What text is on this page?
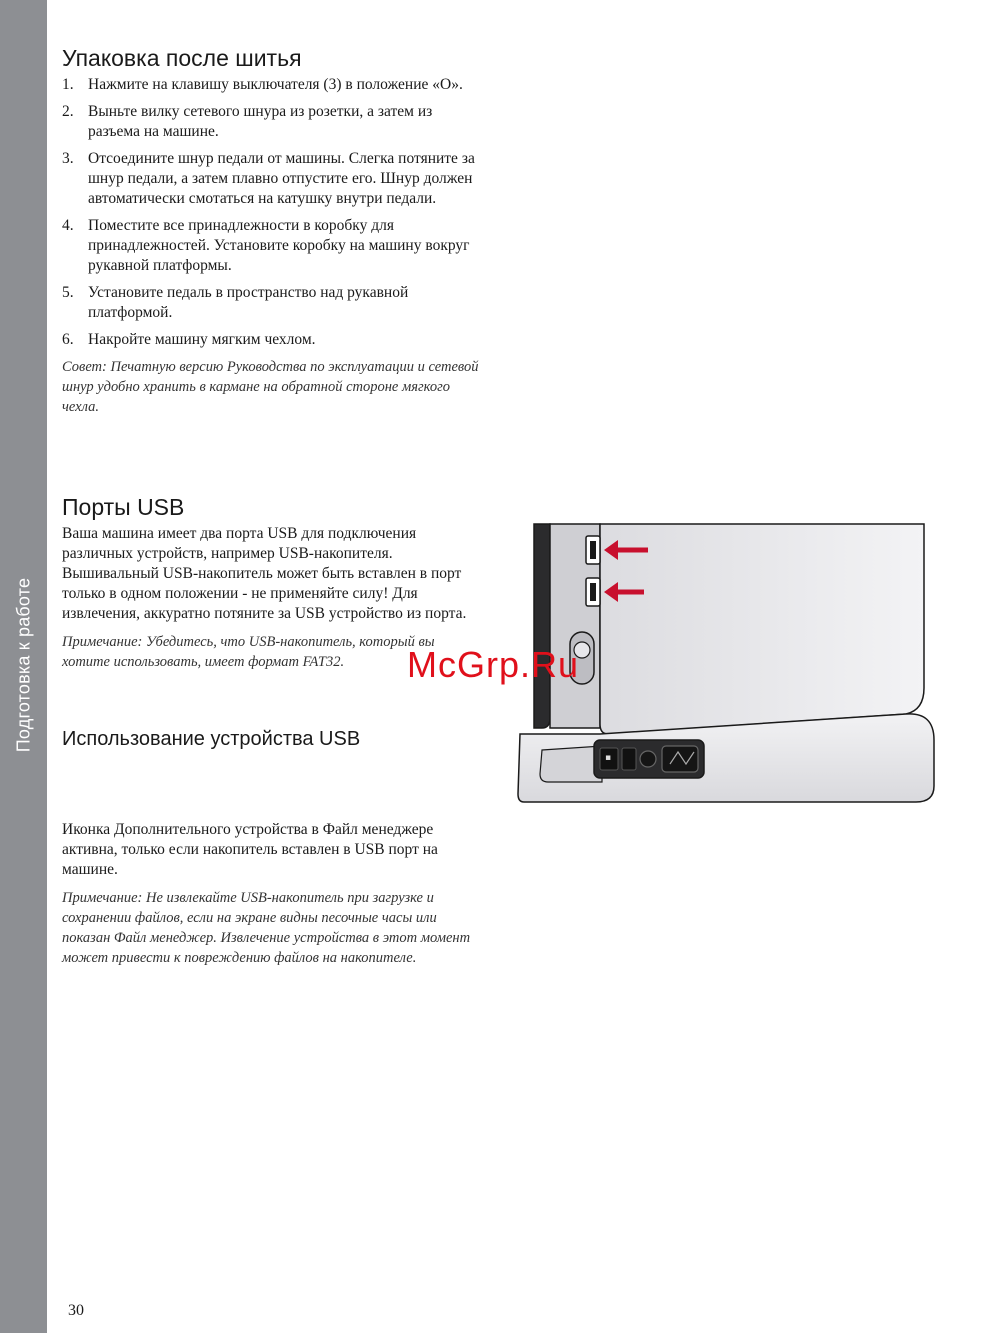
Подготовка к работе
Упаковка после шитья
1. Нажмите на клавишу выключателя (3) в положение «О».
2. Выньте вилку сетевого шнура из розетки, а затем из разъема на машине.
3. Отсоедините шнур педали от машины. Слегка потяните за шнур педали, а затем плавно отпустите его. Шнур должен автоматически смотаться на катушку внутри педали.
4. Поместите все принадлежности в коробку для принадлежностей. Установите коробку на машину вокруг рукавной платформы.
5. Установите педаль в пространство над рукавной платформой.
6. Накройте машину мягким чехлом.

Совет: Печатную версию Руководства по эксплуатации и сетевой шнур удобно хранить в кармане на обратной стороне мягкого чехла.

Порты USB

Ваша машина имеет два порта USB для подключения различных устройств, например USB-накопителя. Вышивальный USB-накопитель может быть вставлен в порт только в одном положении - не применяйте силу! Для извлечения, аккуратно потяните за USB устройство из порта.

Примечание: Убедитесь, что USB-накопитель, который вы хотите использовать, имеет формат FAT32.

Использование устройства USB

Иконка Дополнительного устройства в Файл менеджере активна, только если накопитель вставлен в USB порт на машине.

Примечание: Не извлекайте USB-накопитель при загрузке и сохранении файлов, если на экране видны песочные часы или показан Файл менеджер. Извлечение устройства в этот момент может привести к повреждению файлов на накопителе.

▪
McGrp.Ru
30
